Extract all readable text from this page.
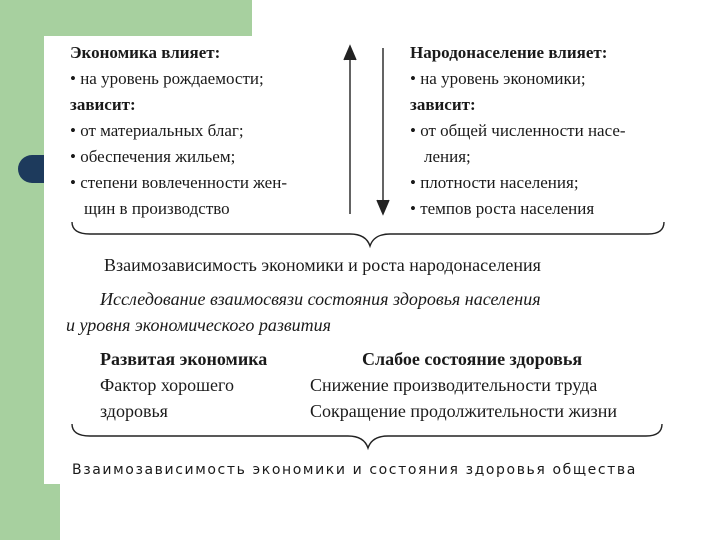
Экономика влияет:
• на уровень рождаемости;
зависит:
• от материальных благ;
• обеспечения жильем;
• степени вовлеченности жен-
щин в производство
Народонаселение влияет:
• на уровень экономики;
зависит:
• от общей численности насе-
ления;
• плотности населения;
• темпов роста населения
Взаимозависимость экономики и роста народонаселения
Исследование взаимосвязи состояния здоровья населения
и уровня экономического развития
Развитая экономика
Фактор хорошего
здоровья
Слабое состояние здоровья
Снижение производительности труда
Сокращение продолжительности жизни
Взаимозависимость экономики и состояния здоровья общества
